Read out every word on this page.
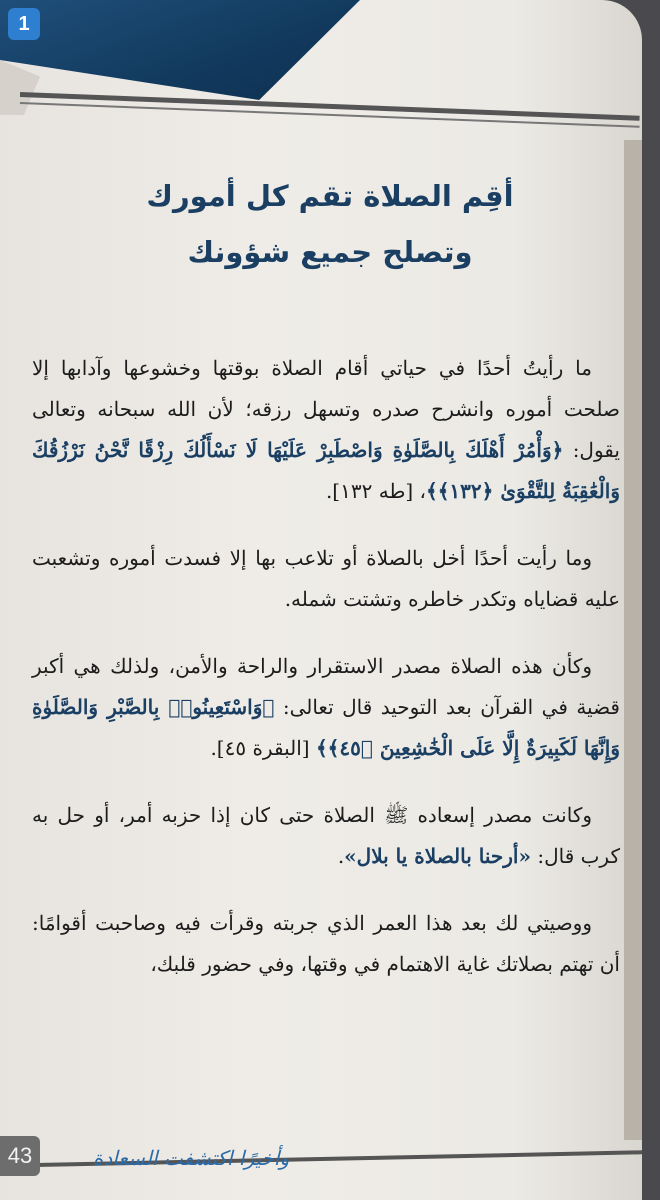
أقِم الصلاة تقم كل أمورك
وتصلح جميع شؤونك

ما رأيتُ أحدًا في حياتي أقام الصلاة بوقتها وخشوعها وآدابها إلا صلحت أموره وانشرح صدره وتسهل رزقه؛ لأن الله سبحانه وتعالى يقول: ﴿وَأْمُرْ أَهْلَكَ بِالصَّلَوٰةِ وَاصْطَبِرْ عَلَيْهَا لَا نَسْأَلُكَ رِزْقًا نَّحْنُ نَرْزُقُكَ وَالْعَٰقِبَةُ لِلتَّقْوَىٰ ﴿١٣٢﴾﴾، [طه ١٣٢].

وما رأيت أحدًا أخل بالصلاة أو تلاعب بها إلا فسدت أموره وتشعبت عليه قضاياه وتكدر خاطره وتشتت شمله.

وكأن هذه الصلاة مصدر الاستقرار والراحة والأمن، ولذلك هي أكبر قضية في القرآن بعد التوحيد قال تعالى: ﴿وَاسْتَعِينُوا۟ بِالصَّبْرِ وَالصَّلَوٰةِ وَإِنَّهَا لَكَبِيرَةٌ إِلَّا عَلَى الْخَٰشِعِينَ ﴿٤٥﴾﴾ [البقرة ٤٥].

وكانت مصدر إسعاده ﷺ الصلاة حتى كان إذا حزبه أمر، أو حل به كرب قال: «أرحنا بالصلاة يا بلال».

ووصيتي لك بعد هذا العمر الذي جربته وقرأت فيه وصاحبت أقوامًا: أن تهتم بصلاتك غاية الاهتمام في وقتها، وفي حضور قلبك،

وأخيرًا اكتشفت السعادة
43
1
